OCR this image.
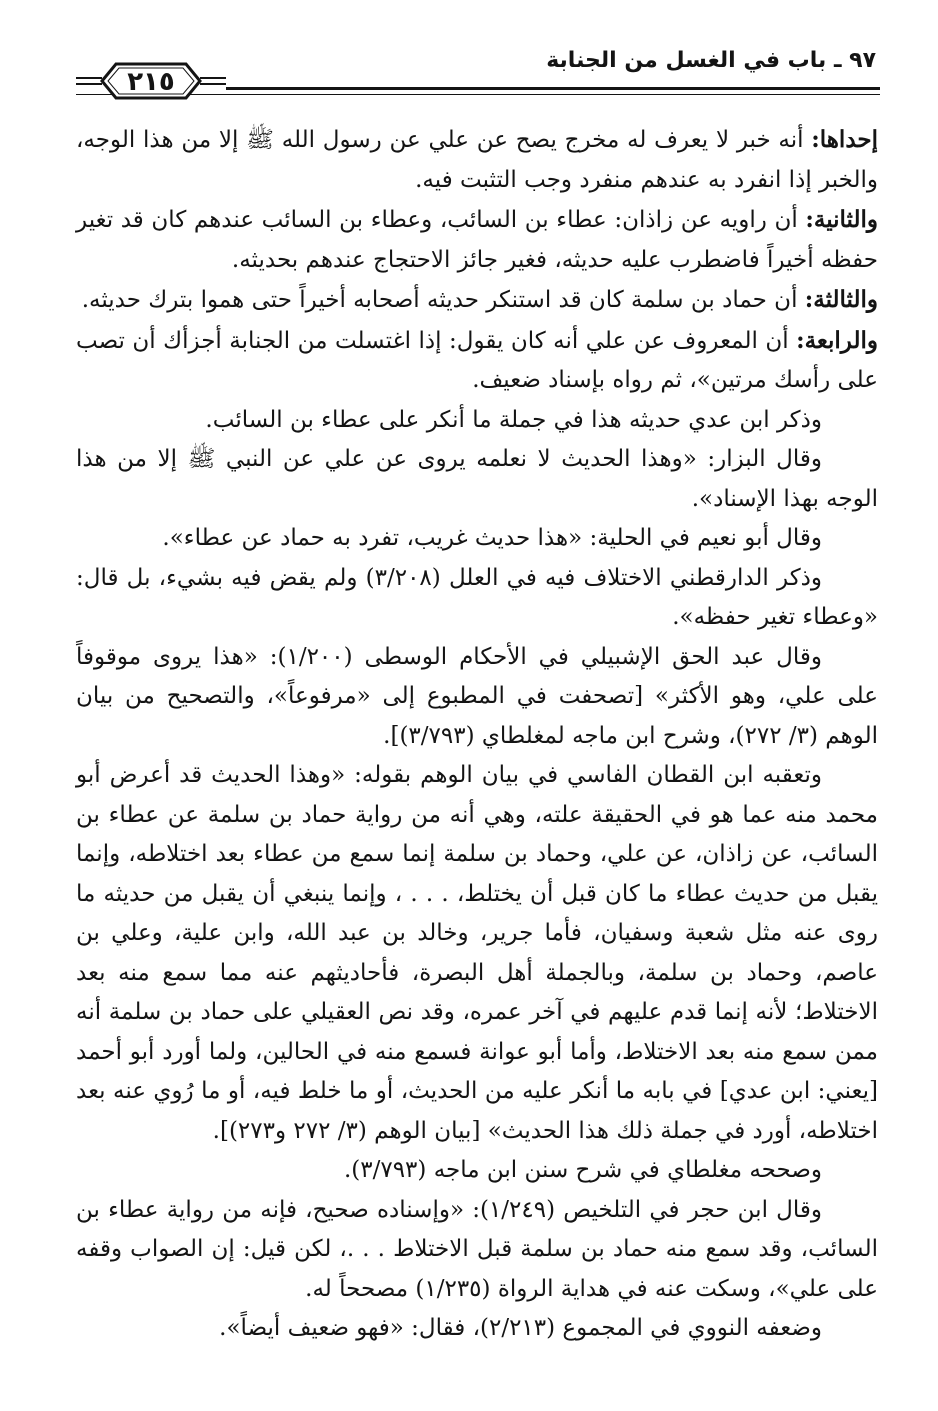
٩٧ ـ باب في الغسل من الجنابة
٢١٥

إحداها: أنه خبر لا يعرف له مخرج يصح عن علي عن رسول الله ﷺ إلا من هذا الوجه، والخبر إذا انفرد به عندهم منفرد وجب التثبت فيه.

والثانية: أن راويه عن زاذان: عطاء بن السائب، وعطاء بن السائب عندهم كان قد تغير حفظه أخيراً فاضطرب عليه حديثه، فغير جائز الاحتجاج عندهم بحديثه.

والثالثة: أن حماد بن سلمة كان قد استنكر حديثه أصحابه أخيراً حتى هموا بترك حديثه.

والرابعة: أن المعروف عن علي أنه كان يقول: إذا اغتسلت من الجنابة أجزأك أن تصب على رأسك مرتين»، ثم رواه بإسناد ضعيف.

وذكر ابن عدي حديثه هذا في جملة ما أنكر على عطاء بن السائب.

وقال البزار: «وهذا الحديث لا نعلمه يروى عن علي عن النبي ﷺ إلا من هذا الوجه بهذا الإسناد».

وقال أبو نعيم في الحلية: «هذا حديث غريب، تفرد به حماد عن عطاء».

وذكر الدارقطني الاختلاف فيه في العلل (٣/٢٠٨) ولم يقض فيه بشيء، بل قال: «وعطاء تغير حفظه».

وقال عبد الحق الإشبيلي في الأحكام الوسطى (١/٢٠٠): «هذا يروى موقوفاً على علي، وهو الأكثر» [تصحفت في المطبوع إلى «مرفوعاً»، والتصحيح من بيان الوهم (٣/ ٢٧٢)، وشرح ابن ماجه لمغلطاي (٣/٧٩٣)].

وتعقبه ابن القطان الفاسي في بيان الوهم بقوله: «وهذا الحديث قد أعرض أبو محمد منه عما هو في الحقيقة علته، وهي أنه من رواية حماد بن سلمة عن عطاء بن السائب، عن زاذان، عن علي، وحماد بن سلمة إنما سمع من عطاء بعد اختلاطه، وإنما يقبل من حديث عطاء ما كان قبل أن يختلط، . . . ، وإنما ينبغي أن يقبل من حديثه ما روى عنه مثل شعبة وسفيان، فأما جرير، وخالد بن عبد الله، وابن علية، وعلي بن عاصم، وحماد بن سلمة، وبالجملة أهل البصرة، فأحاديثهم عنه مما سمع منه بعد الاختلاط؛ لأنه إنما قدم عليهم في آخر عمره، وقد نص العقيلي على حماد بن سلمة أنه ممن سمع منه بعد الاختلاط، وأما أبو عوانة فسمع منه في الحالين، ولما أورد أبو أحمد [يعني: ابن عدي] في بابه ما أنكر عليه من الحديث، أو ما خلط فيه، أو ما رُوي عنه بعد اختلاطه، أورد في جملة ذلك هذا الحديث» [بيان الوهم (٣/ ٢٧٢ و٢٧٣)].

وصححه مغلطاي في شرح سنن ابن ماجه (٣/٧٩٣).

وقال ابن حجر في التلخيص (١/٢٤٩): «وإسناده صحيح، فإنه من رواية عطاء بن السائب، وقد سمع منه حماد بن سلمة قبل الاختلاط . . .، لكن قيل: إن الصواب وقفه على علي»، وسكت عنه في هداية الرواة (١/٢٣٥) مصححاً له.

وضعفه النووي في المجموع (٢/٢١٣)، فقال: «فهو ضعيف أيضاً».
